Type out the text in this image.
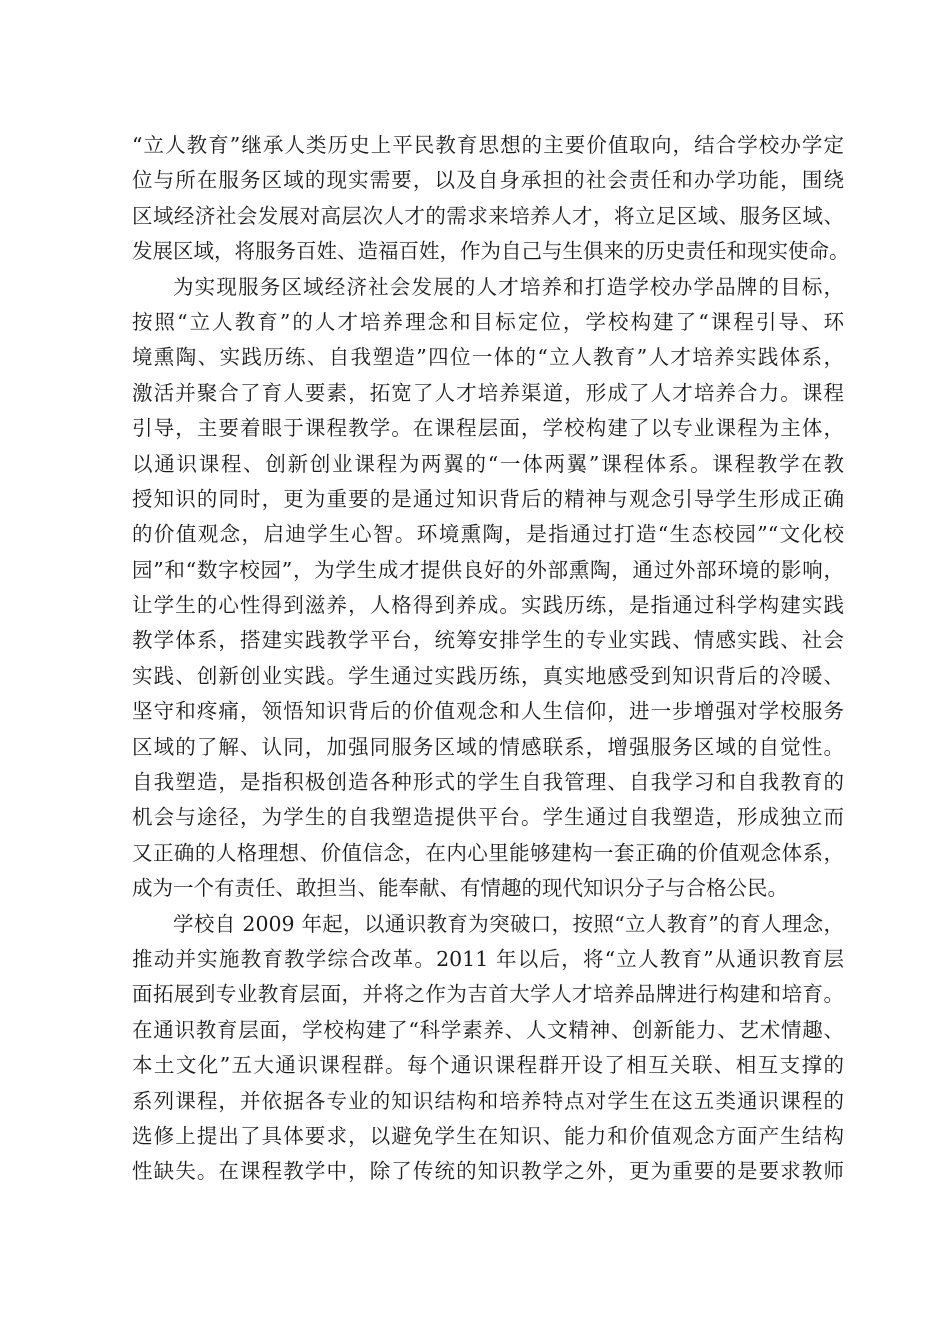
“立人教育”继承人类历史上平民教育思想的主要价值取向，结合学校办学定
位与所在服务区域的现实需要，以及自身承担的社会责任和办学功能，围绕
区域经济社会发展对高层次人才的需求来培养人才，将立足区域、服务区域、
发展区域，将服务百姓、造福百姓，作为自己与生俱来的历史责任和现实使命。
为实现服务区域经济社会发展的人才培养和打造学校办学品牌的目标，
按照“立人教育”的人才培养理念和目标定位，学校构建了“课程引导、环
境熏陶、实践历练、自我塑造”四位一体的“立人教育”人才培养实践体系，
激活并聚合了育人要素，拓宽了人才培养渠道，形成了人才培养合力。课程
引导，主要着眼于课程教学。在课程层面，学校构建了以专业课程为主体，
以通识课程、创新创业课程为两翼的“一体两翼”课程体系。课程教学在教
授知识的同时，更为重要的是通过知识背后的精神与观念引导学生形成正确
的价值观念，启迪学生心智。环境熏陶，是指通过打造“生态校园”“文化校
园”和“数字校园”，为学生成才提供良好的外部熏陶，通过外部环境的影响，
让学生的心性得到滋养，人格得到养成。实践历练，是指通过科学构建实践
教学体系，搭建实践教学平台，统筹安排学生的专业实践、情感实践、社会
实践、创新创业实践。学生通过实践历练，真实地感受到知识背后的冷暖、
坚守和疼痛，领悟知识背后的价值观念和人生信仰，进一步增强对学校服务
区域的了解、认同，加强同服务区域的情感联系，增强服务区域的自觉性。
自我塑造，是指积极创造各种形式的学生自我管理、自我学习和自我教育的
机会与途径，为学生的自我塑造提供平台。学生通过自我塑造，形成独立而
又正确的人格理想、价值信念，在内心里能够建构一套正确的价值观念体系，
成为一个有责任、敢担当、能奉献、有情趣的现代知识分子与合格公民。
学校自 2009 年起，以通识教育为突破口，按照“立人教育”的育人理念，
推动并实施教育教学综合改革。2011 年以后，将“立人教育”从通识教育层
面拓展到专业教育层面，并将之作为吉首大学人才培养品牌进行构建和培育。
在通识教育层面，学校构建了“科学素养、人文精神、创新能力、艺术情趣、
本土文化”五大通识课程群。每个通识课程群开设了相互关联、相互支撑的
系列课程，并依据各专业的知识结构和培养特点对学生在这五类通识课程的
选修上提出了具体要求，以避免学生在知识、能力和价值观念方面产生结构
性缺失。在课程教学中，除了传统的知识教学之外，更为重要的是要求教师
